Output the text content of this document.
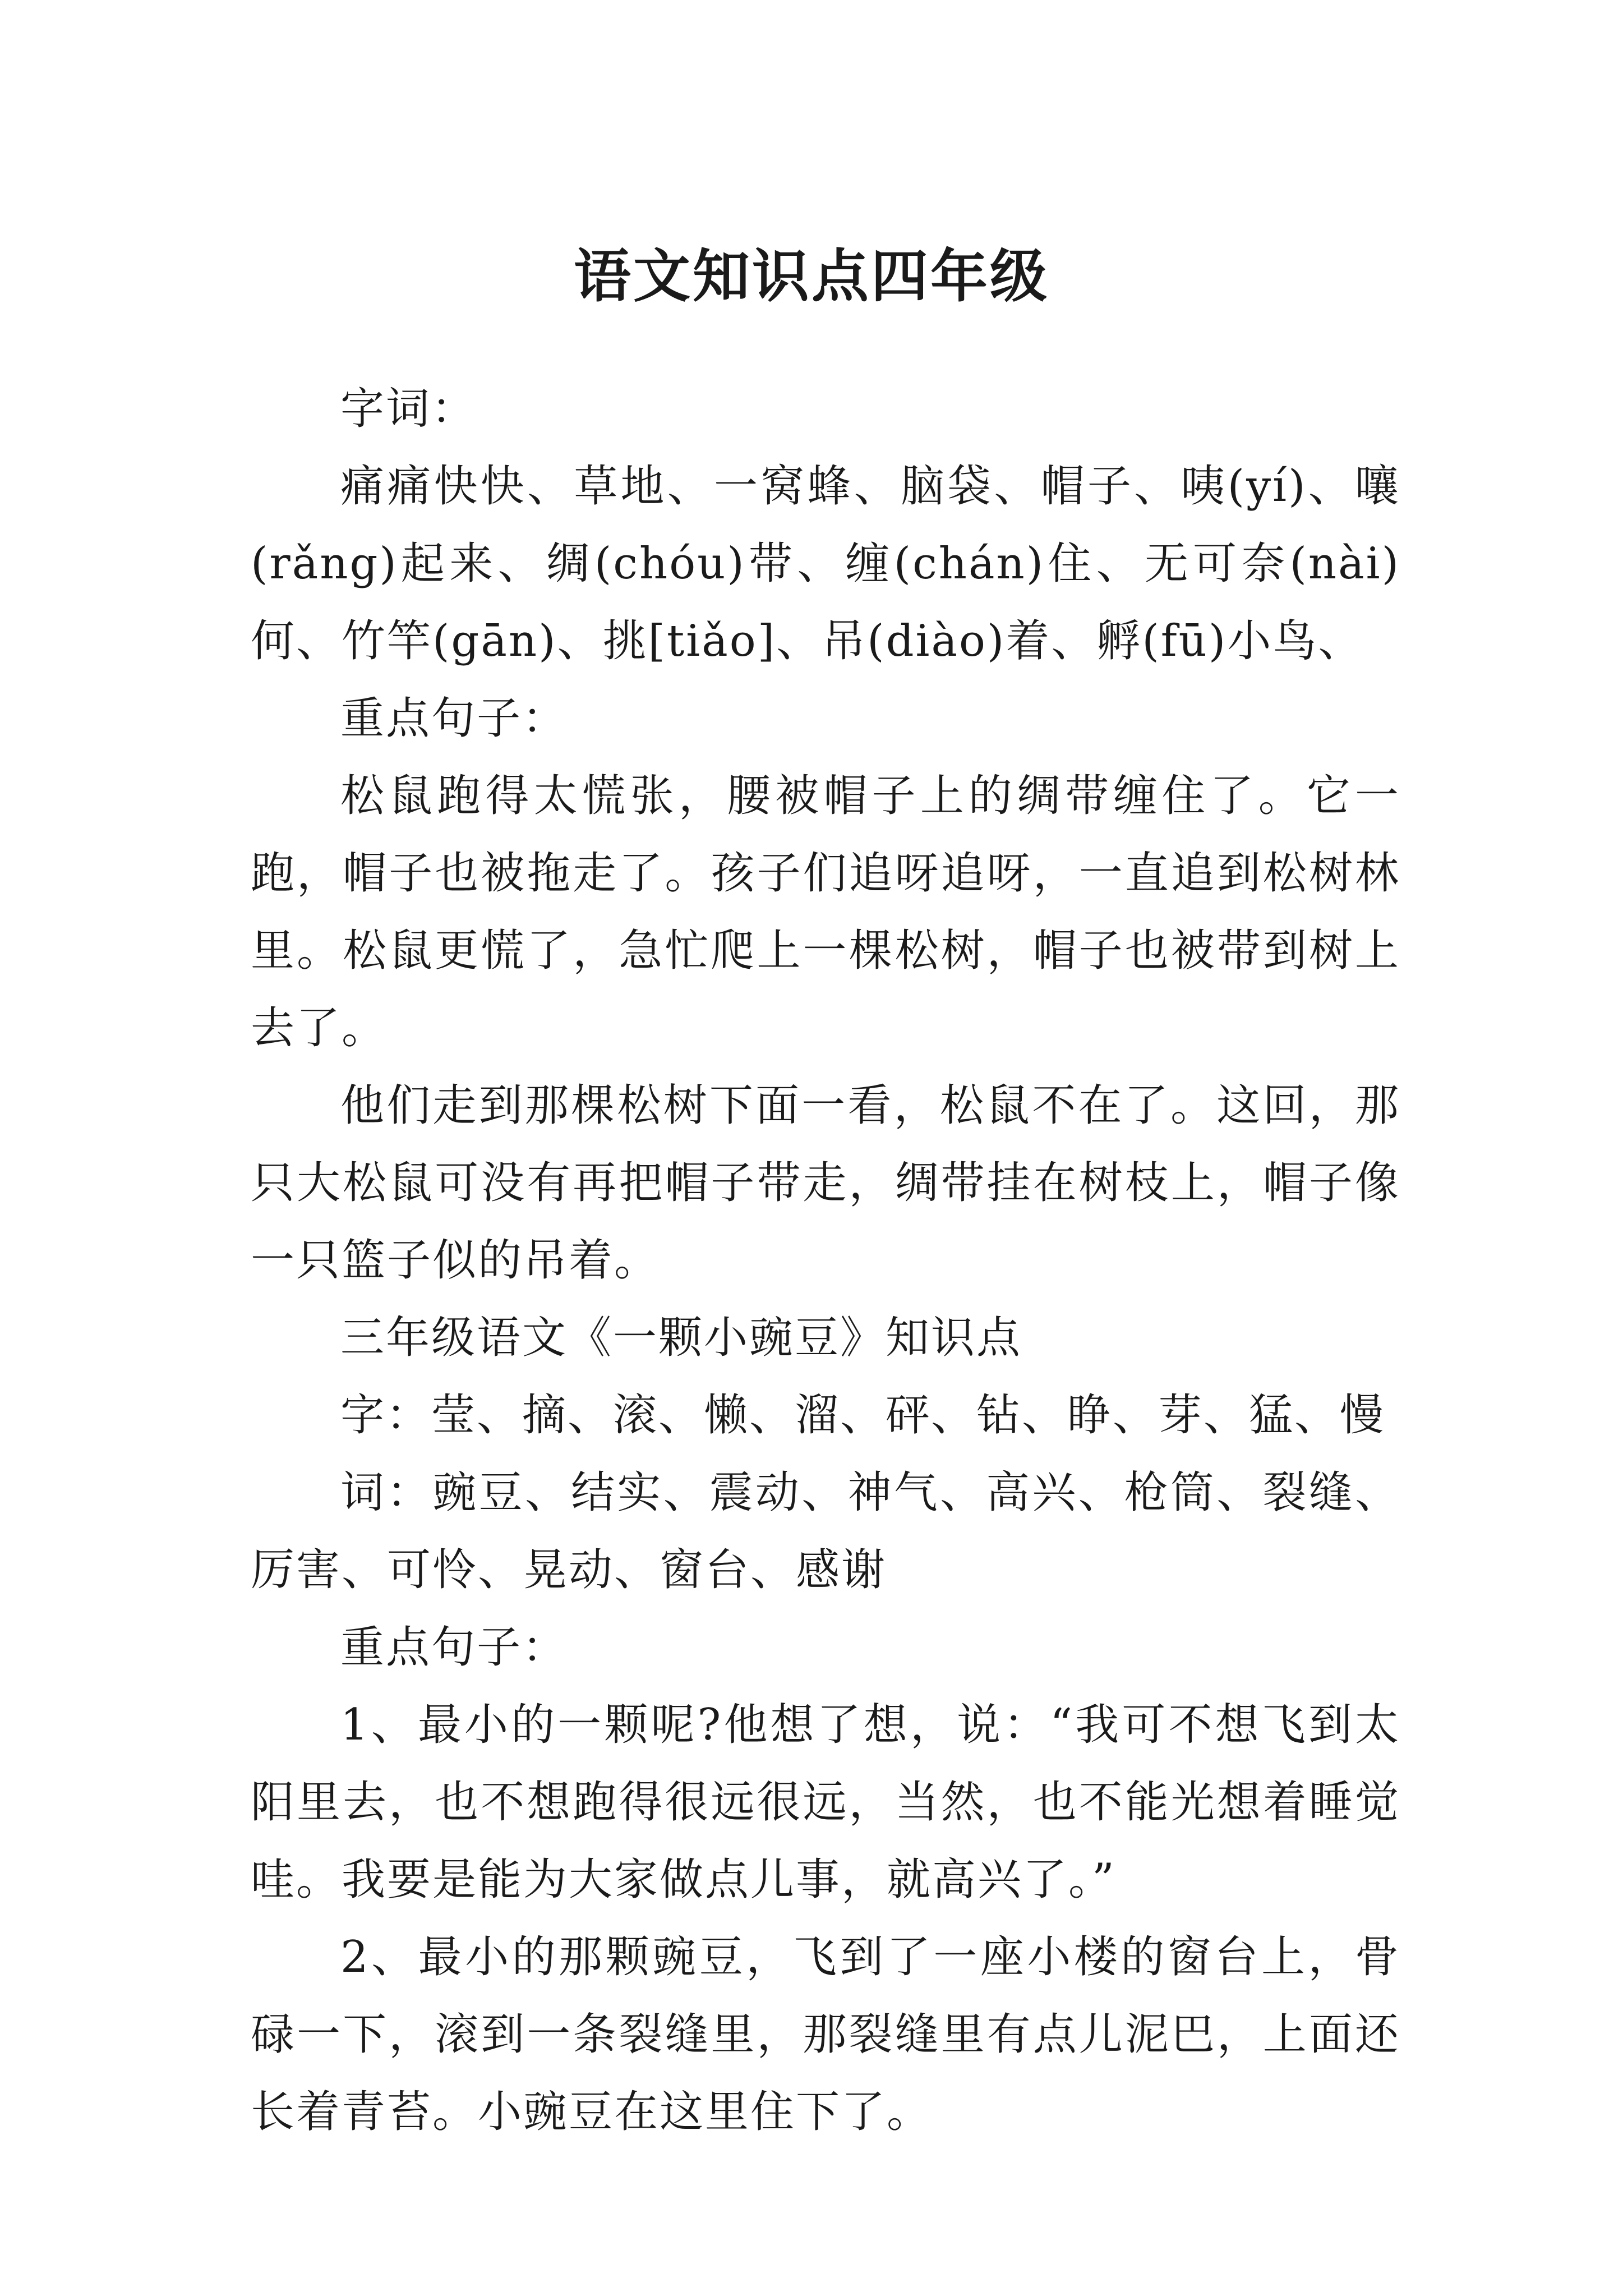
语文知识点四年级

字词：

痛痛快快、草地、一窝蜂、脑袋、帽子、咦(yí)、嚷(rǎng)起来、绸(chóu)带、缠(chán)住、无可奈(nài)何、竹竿(gān)、挑[tiǎo]、吊(diào)着、孵(fū)小鸟、

重点句子：

松鼠跑得太慌张，腰被帽子上的绸带缠住了。它一跑，帽子也被拖走了。孩子们追呀追呀，一直追到松树林里。松鼠更慌了，急忙爬上一棵松树，帽子也被带到树上去了。

他们走到那棵松树下面一看，松鼠不在了。这回，那只大松鼠可没有再把帽子带走，绸带挂在树枝上，帽子像一只篮子似的吊着。

三年级语文《一颗小豌豆》知识点

字：莹、摘、滚、懒、溜、砰、钻、睁、芽、猛、慢

词：豌豆、结实、震动、神气、高兴、枪筒、裂缝、厉害、可怜、晃动、窗台、感谢

重点句子：

1、最小的一颗呢?他想了想，说：“我可不想飞到太阳里去，也不想跑得很远很远，当然，也不能光想着睡觉哇。我要是能为大家做点儿事，就高兴了。”

2、最小的那颗豌豆，飞到了一座小楼的窗台上，骨碌一下，滚到一条裂缝里，那裂缝里有点儿泥巴，上面还长着青苔。小豌豆在这里住下了。
